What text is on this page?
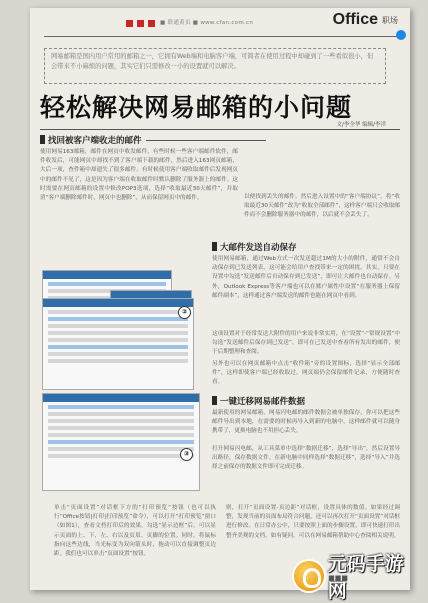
■ 联通黄页 ■ www.cfan.com.cn	Office 职场
网易邮箱是国内用户常用的邮箱之一，它拥有Web端和电脑客户端，可简者在使用过程中却碰到了一些看似很小，但会带来不小麻烦的问题，其实它们只需修改一小的设置就可以解决。
轻松解决网易邮箱的小问题
文/李全华 编辑/李洋
找回被客户端收走的邮件
使用网易163邮箱，邮件在网页中收发邮件，有些时候一些客户端邮件软件，邮件收发后，可能网页中却找不到了客户端下载的邮件，然后进入163网页邮箱，大后一项，查件箱中却遗失了很多邮件。有时候使用客户端收取邮件后发现网页中的邮件不见了，这是因为客户端在收取邮件时默认删除了服务器上的邮件。这时需要在网页邮箱的设置中修改POP3选项，选择“收取最近30天邮件”，并取消“客户端删除邮件时，网页中也删除”，从而保留网页中的邮件。	以便找到丢失的邮件。然后进入设置中的“客户端协议”，将“收取最近30天邮件”改为“收取全部邮件”，这样客户端只会收取邮件而不会删除服务器中的邮件，以后就不会丢失了。
大邮件发送自动保存
使用网易邮箱，通过Web方式一次发送超过1M的大小的附件，通常不会自动保存到已发送列表，这可能会给用户查找带来一定的困扰。其实，只要在设置中勾选“发送邮件后自动保存到已发送”，即可让大邮件也自动保存。另外，Outlook Express等客户端也可以在账户属性中设置“在服务器上保留邮件副本”，这样通过客户端发送的邮件也能在网页中看到。
这项设置对于经常发送大附件的用户来说非常实用，在“设置”-“常规设置”中勾选“发送邮件后保存到已发送”，即可在已发送中查看所有发出的邮件，便于后期整理和查阅。
另外也可以在网页邮箱中点击“收件箱”旁的设置图标，选择“显示全部邮件”，这样即使客户端已经收取过，网页端仍会保留邮件记录，方便随时查看。
②
一键迁移网易邮件数据
最新使用的网易邮箱，网易闪电邮的邮件数据会被单独保存，你可以把这些邮件导出到本地，在需要的时候再导入到新的电脑中，这样邮件就可以随身携带了，更换电脑也不用担心丢失。
打开网易闪电邮，从工具菜单中选择“数据迁移”，选择“导出”，然后设置导出路径，保存数据文件。在新电脑中同样选择“数据迁移”，选择“导入”并选择之前保存的数据文件即可完成迁移。
③
单击“页面设置”对话框下方的“打印预览”按钮（也可以执行“Office按钮|打印|打印预览”命令），可以打开“打印预览”窗口（如图1），查看文档打印后的效果。勾选“显示边框”后，可以显示页面的上、下、左、右以及页眉、页脚的位置。同时，将鼠标指向这些边线，当光标变为双向箭头时，拖动可以直接调整页边距。我们也可以单击“页面设置”按钮。
则，打开“页面设置-页边距”对话框，设置具体的数值。如果经过调整，发现当前的页面布局符合问题，还可以再次打开“页面设置”对话框进行修改。在日常办公中，只要按照上面的步骤设置，即可快速打印出整齐美观的文档。如有疑问，可以在网易邮箱帮助中心查阅相关说明。
■■■
元码手游网
